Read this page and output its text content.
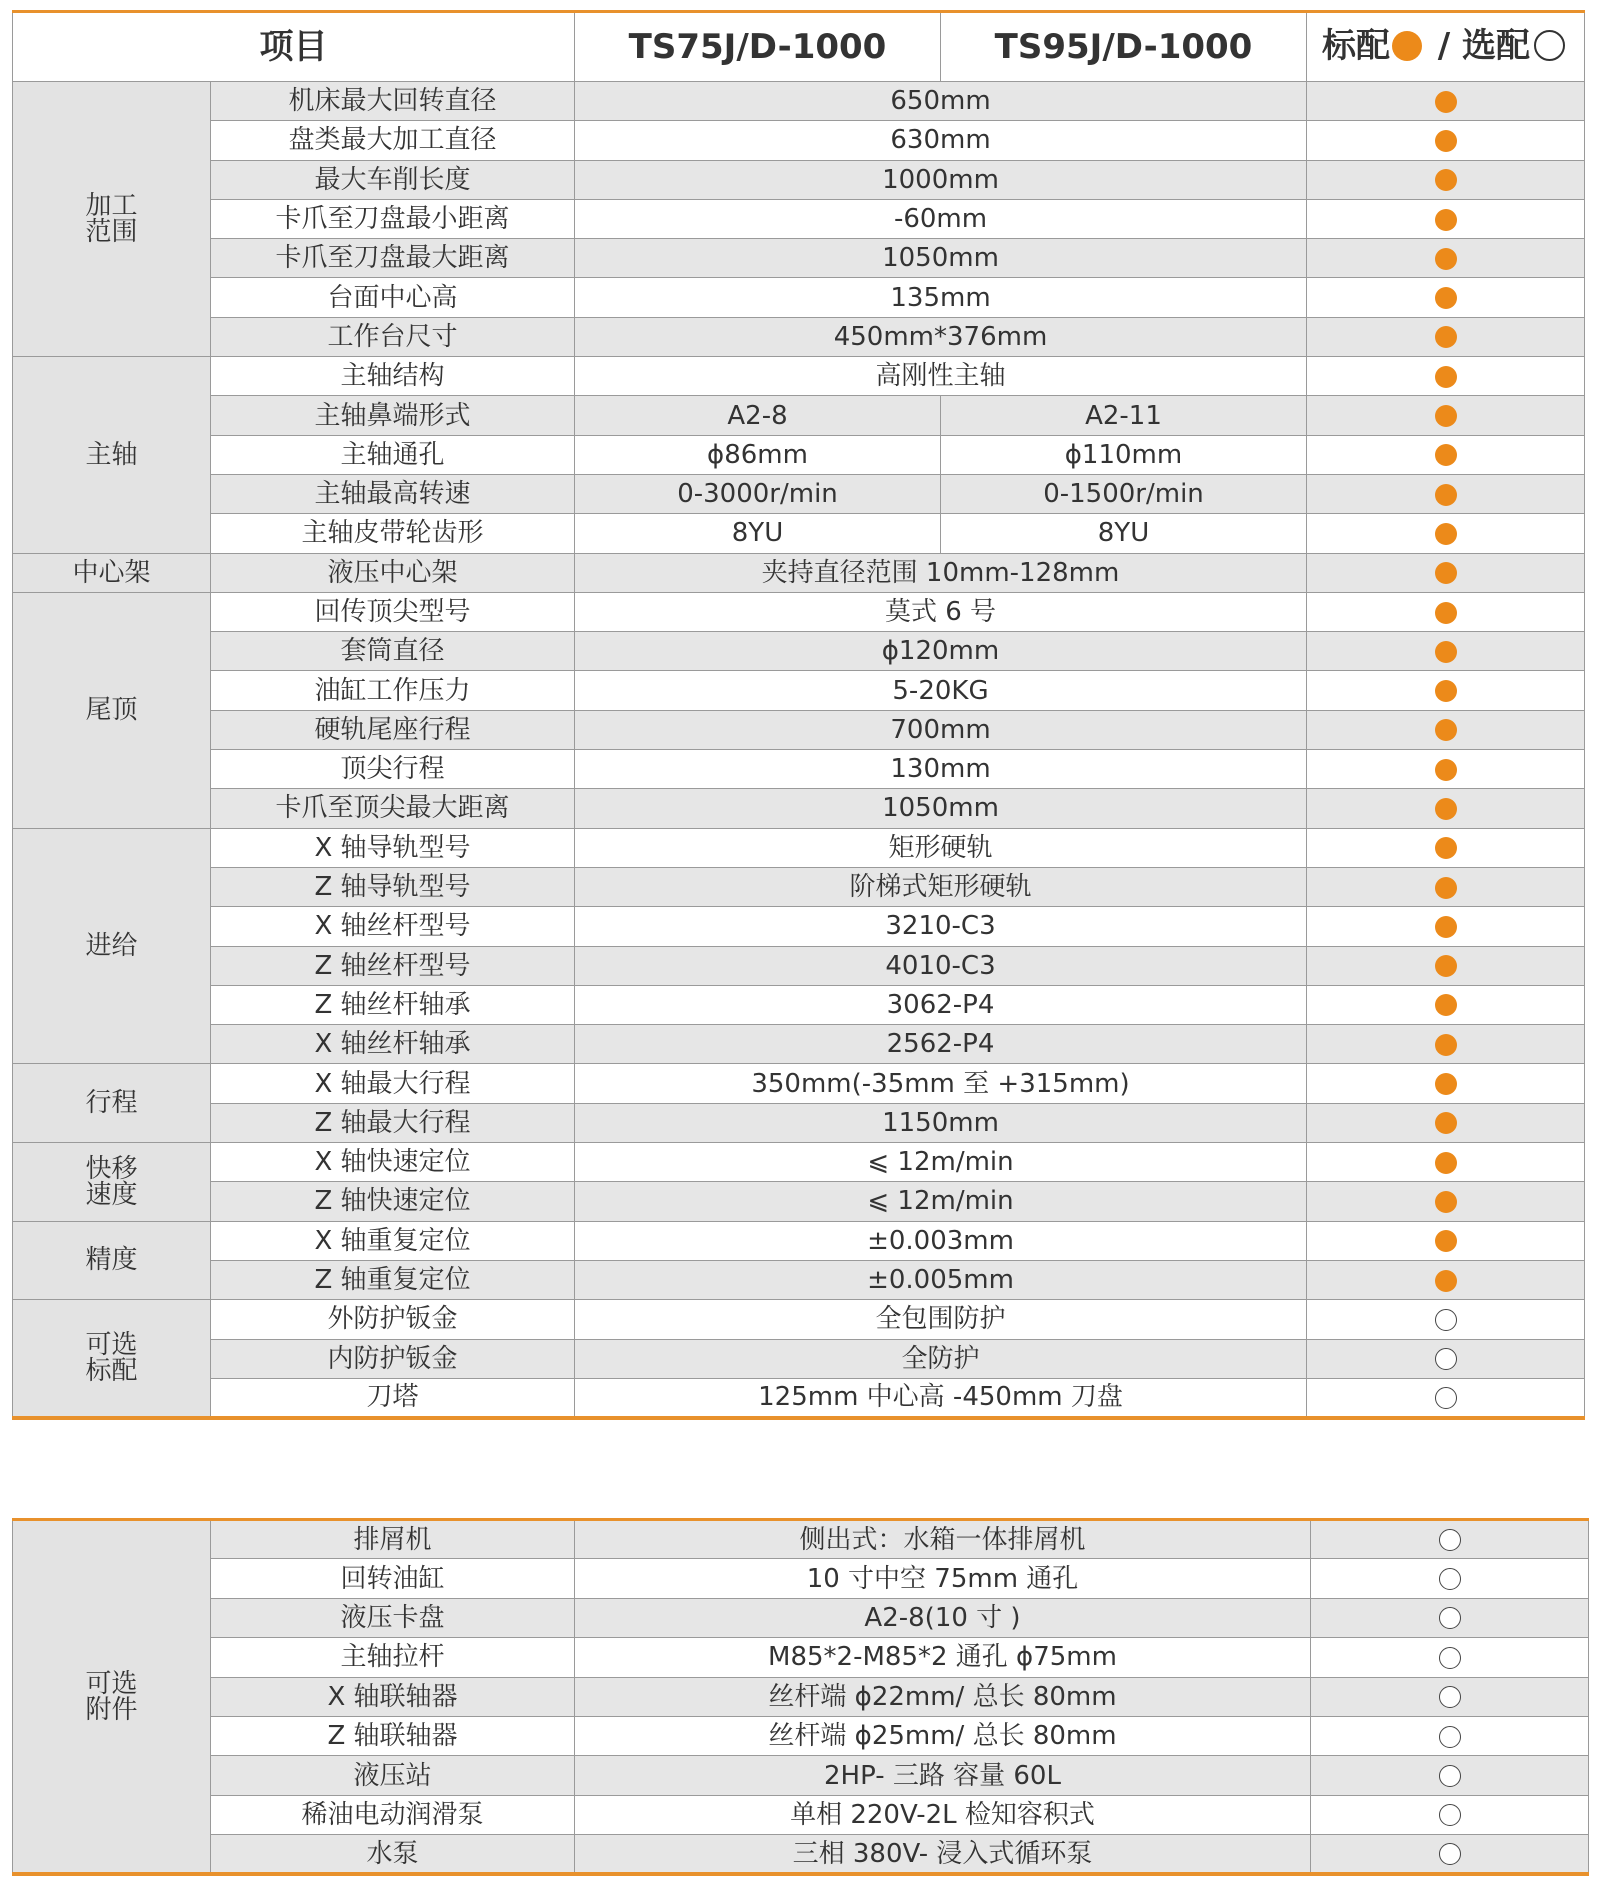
项目		TS75J/D-1000	TS95J/D-1000	标配 / 选配

加工
范围	机床最大回转直径	650mm		
	盘类最大加工直径	630mm		
	最大车削长度	1000mm		
	卡爪至刀盘最小距离	-60mm		
	卡爪至刀盘最大距离	1050mm		
	台面中心高	135mm		
	工作台尺寸	450mm*376mm		

主轴	主轴结构	高刚性主轴		
	主轴鼻端形式	A2-8	A2-11	
	主轴通孔	ϕ86mm	ϕ110mm	
	主轴最高转速	0-3000r/min	0-1500r/min	
	主轴皮带轮齿形	8YU	8YU	

中心架	液压中心架	夹持直径范围 10mm-128mm		

尾顶	回传顶尖型号	莫式 6 号		
	套筒直径	ϕ120mm		
	油缸工作压力	5-20KG		
	硬轨尾座行程	700mm		
	顶尖行程	130mm		
	卡爪至顶尖最大距离	1050mm		

进给	X 轴导轨型号	矩形硬轨		
	Z 轴导轨型号	阶梯式矩形硬轨		
	X 轴丝杆型号	3210-C3		
	Z 轴丝杆型号	4010-C3		
	Z 轴丝杆轴承	3062-P4		
	X 轴丝杆轴承	2562-P4		

行程	X 轴最大行程	350mm(-35mm 至 +315mm)		
	Z 轴最大行程	1150mm		

快移
速度	X 轴快速定位	⩽ 12m/min		
	Z 轴快速定位	⩽ 12m/min		

精度	X 轴重复定位	±0.003mm		
	Z 轴重复定位	±0.005mm		

可选
标配	外防护钣金	全包围防护		
	内防护钣金	全防护		
	刀塔	125mm 中心高 -450mm 刀盘		
可选
附件	排屑机	侧出式：水箱一体排屑机	
	回转油缸	10 寸中空 75mm 通孔	
	液压卡盘	A2-8(10 寸 )	
	主轴拉杆	M85*2-M85*2 通孔 ϕ75mm	
	X 轴联轴器	丝杆端 ϕ22mm/ 总长 80mm	
	Z 轴联轴器	丝杆端 ϕ25mm/ 总长 80mm	
	液压站	2HP- 三路 容量 60L	
	稀油电动润滑泵	单相 220V-2L 检知容积式	
	水泵	三相 380V- 浸入式循环泵	
